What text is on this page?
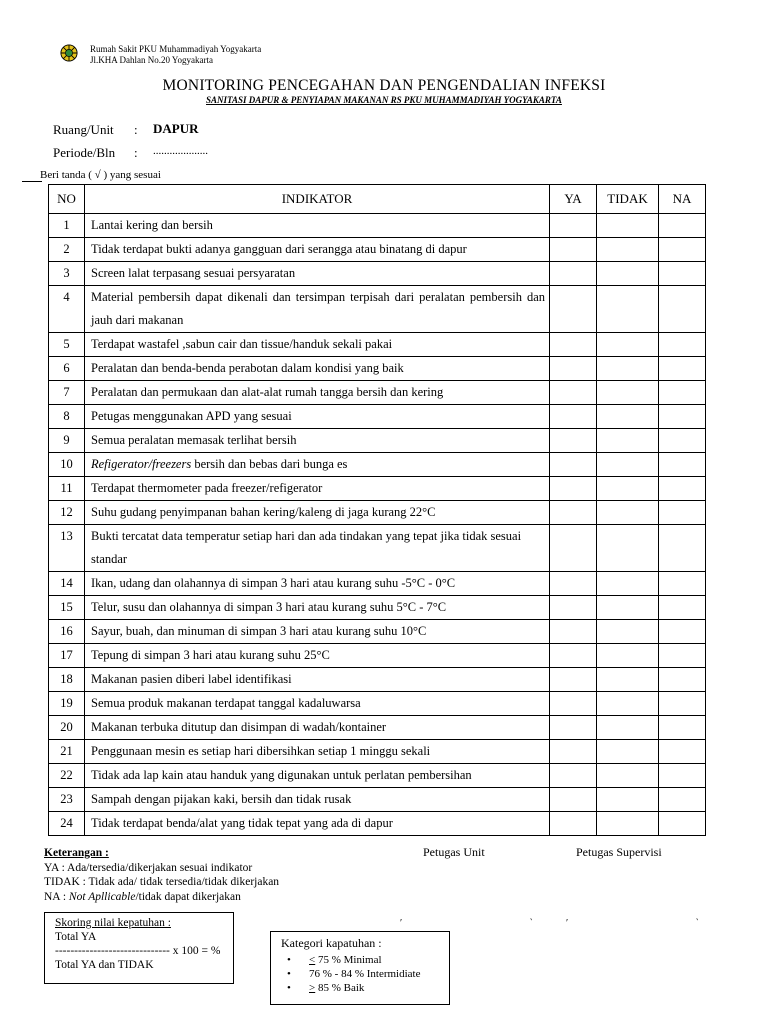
Rumah Sakit PKU Muhammadiyah Yogyakarta
Jl.KHA Dahlan No.20 Yogyakarta
MONITORING PENCEGAHAN DAN PENGENDALIAN INFEKSI
SANITASI DAPUR & PENYIAPAN MAKANAN RS PKU MUHAMMADIYAH YOGYAKARTA
Ruang/Unit : DAPUR
Periode/Bln : ....................
Beri tanda ( √ ) yang sesuai
NO	INDIKATOR	YA	TIDAK	NA
1	Lantai kering dan bersih			
2	Tidak terdapat bukti adanya gangguan dari serangga atau binatang di dapur			
3	Screen lalat terpasang sesuai persyaratan			
4	Material pembersih dapat dikenali dan tersimpan terpisah dari peralatan pembersih dan jauh dari makanan			
5	Terdapat wastafel ,sabun cair dan tissue/handuk sekali pakai			
6	Peralatan dan benda-benda perabotan dalam kondisi yang baik			
7	Peralatan dan permukaan dan alat-alat rumah tangga bersih dan kering			
8	Petugas menggunakan APD yang sesuai			
9	Semua peralatan memasak terlihat bersih			
10	Refigerator/freezers bersih dan bebas dari bunga es			
11	Terdapat thermometer pada freezer/refigerator			
12	Suhu gudang penyimpanan bahan kering/kaleng di jaga kurang 22°C			
13	Bukti tercatat data temperatur setiap hari dan ada tindakan yang tepat jika tidak sesuai standar			
14	Ikan, udang dan olahannya di simpan 3 hari atau kurang suhu -5°C - 0°C			
15	Telur, susu dan olahannya di simpan 3 hari atau kurang suhu 5°C - 7°C			
16	Sayur, buah, dan minuman di simpan 3 hari atau kurang suhu 10°C			
17	Tepung di simpan 3 hari atau kurang suhu 25°C			
18	Makanan pasien diberi label identifikasi			
19	Semua produk makanan terdapat tanggal kadaluwarsa			
20	Makanan terbuka ditutup dan disimpan di wadah/kontainer			
21	Penggunaan mesin es setiap hari dibersihkan setiap 1 minggu sekali			
22	Tidak ada lap kain atau handuk yang digunakan untuk perlatan pembersihan			
23	Sampah dengan pijakan kaki, bersih dan tidak rusak			
24	Tidak terdapat benda/alat yang tidak tepat yang ada di dapur			
Keterangan :
YA : Ada/tersedia/dikerjakan sesuai indikator
TIDAK : Tidak ada/ tidak tersedia/tidak dikerjakan
NA : Not Apllicable/tidak dapat dikerjakan
Petugas Unit	Petugas Supervisi
′	‵	′	‵
Skoring nilai kepatuhan :
Total YA
------------------------------ x 100 = %
Total YA dan TIDAK
Kategori kapatuhan :
• < 75 % Minimal
• 76 % - 84 % Intermidiate
• > 85 % Baik
